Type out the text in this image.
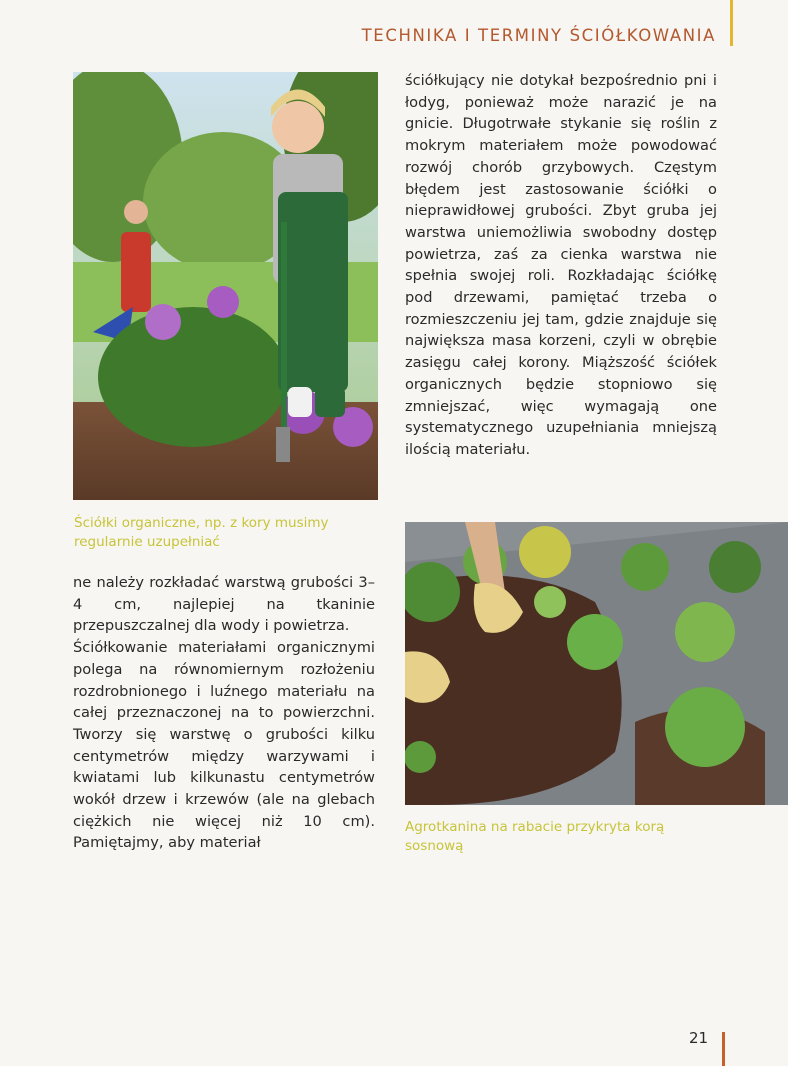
TECHNIKA I TERMINY ŚCIÓŁKOWANIA
Ściółki organiczne, np. z kory musimy regularnie uzupełniać

ściółkujący nie dotykał bezpośrednio pni i łodyg, ponieważ może narazić je na gnicie. Długotrwałe stykanie się roślin z mokrym materiałem może powodować rozwój chorób grzybowych. Częstym błędem jest zastosowanie ściółki o nieprawidłowej grubości. Zbyt gruba jej warstwa uniemożliwia swobodny dostęp powietrza, zaś za cienka warstwa nie spełnia swojej roli. Rozkładając ściółkę pod drzewami, pamiętać trzeba o rozmieszczeniu jej tam, gdzie znajduje się największa masa korzeni, czyli w obrębie zasięgu całej korony. Miąższość ściółek organicznych będzie stopniowo się zmniejszać, więc wymagają one systematycznego uzupełniania mniejszą ilością materiału.

Agrotkanina na rabacie przykryta korą sosnową

ne należy rozkładać warstwą grubości 3–4 cm, najlepiej na tkaninie przepuszczalnej dla wody i powietrza.

Ściółkowanie materiałami organicznymi polega na równomiernym rozłożeniu rozdrobnionego i luźnego materiału na całej przeznaczonej na to powierzchni. Tworzy się warstwę o grubości kilku centymetrów między warzywami i kwiatami lub kilkunastu centymetrów wokół drzew i krzewów (ale na glebach ciężkich nie więcej niż 10 cm). Pamiętajmy, aby materiał

21
